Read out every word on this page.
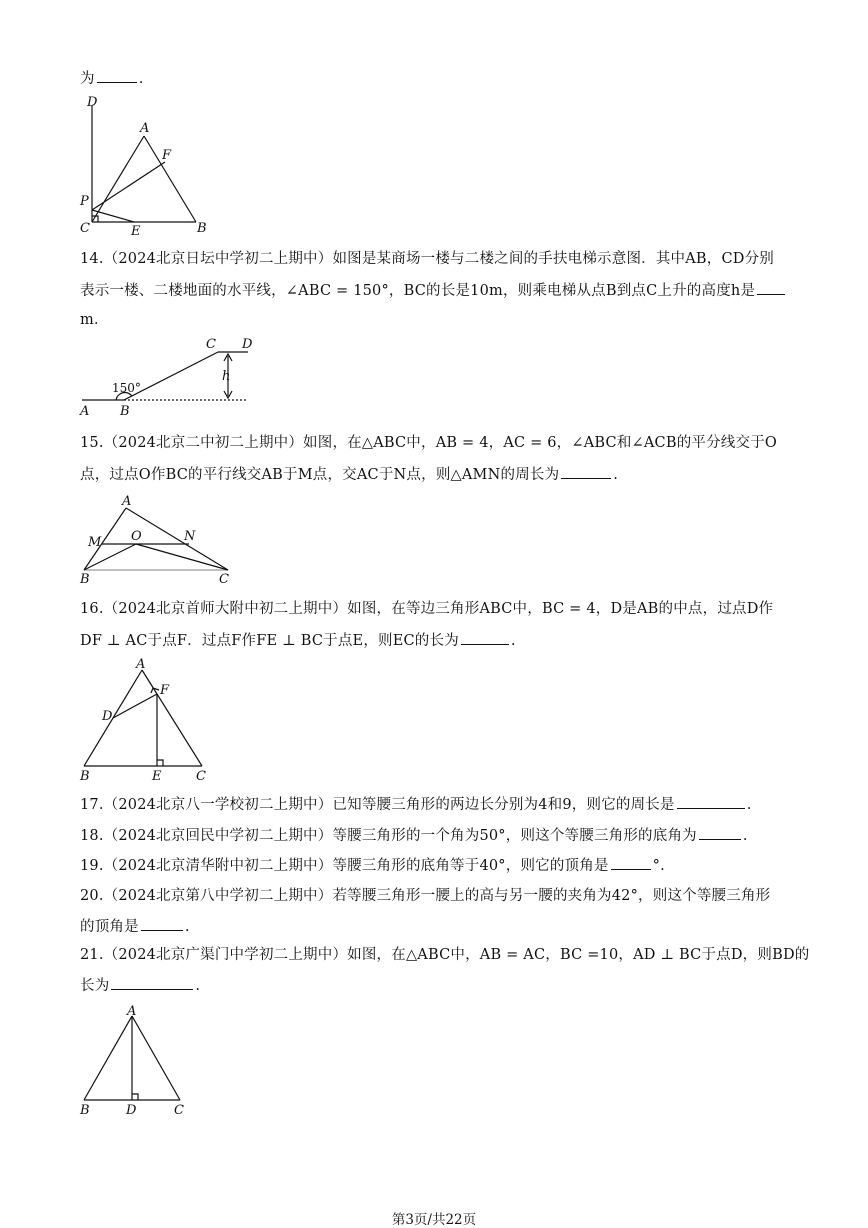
为	.
D
A
F
P
C	E	B
14.（2024北京日坛中学初二上期中）如图是某商场一楼与二楼之间的手扶电梯示意图．其中AB，CD分别
表示一楼、二楼地面的水平线，∠ABC = 150°，BC的长是10m，则乘电梯从点B到点C上升的高度h是
m．
C D
h
150°
A B
15.（2024北京二中初二上期中）如图，在△ABC中，AB = 4，AC = 6，∠ABC和∠ACB的平分线交于O
点，过点O作BC的平行线交AB于M点，交AC于N点，则△AMN的周长为	.
A
M O	N
B	C
16.（2024北京首师大附中初二上期中）如图，在等边三角形ABC中，BC = 4，D是AB的中点，过点D作
DF ⊥ AC于点F．过点F作FE ⊥ BC于点E，则EC的长为	.
A
F
D
B	E	C
17.（2024北京八一学校初二上期中）已知等腰三角形的两边长分别为4和9，则它的周长是	.
18.（2024北京回民中学初二上期中）等腰三角形的一个角为50°，则这个等腰三角形的底角为	.
19.（2024北京清华附中初二上期中）等腰三角形的底角等于40°，则它的顶角是	°.
20.（2024北京第八中学初二上期中）若等腰三角形一腰上的高与另一腰的夹角为42°，则这个等腰三角形
的顶角是	.
21.（2024北京广渠门中学初二上期中）如图，在△ABC中，AB = AC，BC =10，AD ⊥ BC于点D，则BD的
长为	.
A
B	D	C
第3页/共22页
